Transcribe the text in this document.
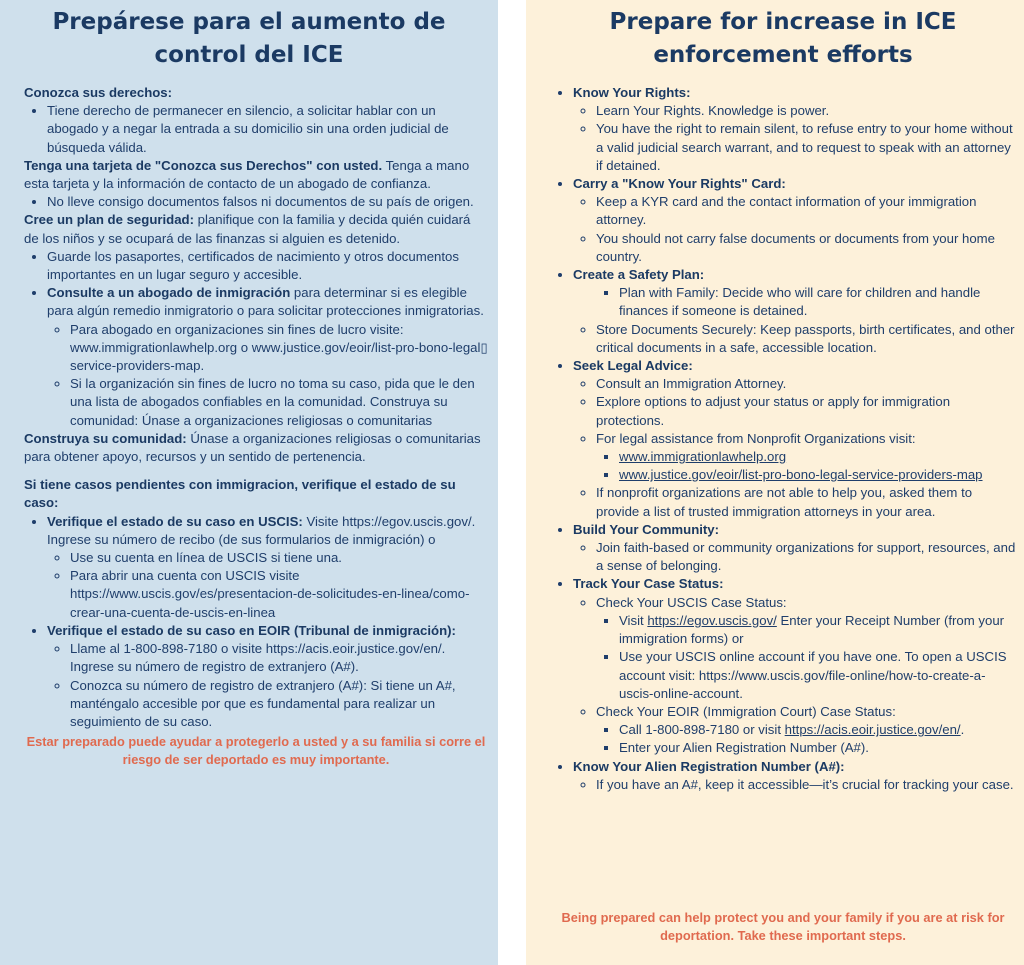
Prepárese para el aumento de
control del ICE

Conozca sus derechos:

• Tiene derecho de permanecer en silencio, a solicitar hablar con un abogado y a negar la entrada a su domicilio sin una orden judicial de búsqueda válida.

Tenga una tarjeta de "Conozca sus Derechos" con usted. Tenga a mano esta tarjeta y la información de contacto de un abogado de confianza.

• No lleve consigo documentos falsos ni documentos de su país de origen.

Cree un plan de seguridad: planifique con la familia y decida quién cuidará de los niños y se ocupará de las finanzas si alguien es detenido.

• Guarde los pasaportes, certificados de nacimiento y otros documentos importantes en un lugar seguro y accesible.
• Consulte a un abogado de inmigración para determinar si es elegible para algún remedio inmigratorio o para solicitar protecciones inmigratorias.
◦ Para abogado en organizaciones sin fines de lucro visite: www.immigrationlawhelp.org o www.justice.gov/eoir/list-pro-bono-legal▯ service-providers-map.
◦ Si la organización sin fines de lucro no toma su caso, pida que le den una lista de abogados confiables en la comunidad. Construya su comunidad: Únase a organizaciones religiosas o comunitarias

Construya su comunidad: Únase a organizaciones religiosas o comunitarias para obtener apoyo, recursos y un sentido de pertenencia.

Si tiene casos pendientes con immigracion, verifique el estado de su caso:

• Verifique el estado de su caso en USCIS: Visite https://egov.uscis.gov/. Ingrese su número de recibo (de sus formularios de inmigración) o
◦ Use su cuenta en línea de USCIS si tiene una.
◦ Para abrir una cuenta con USCIS visite https://www.uscis.gov/es/presentacion-de-solicitudes-en-linea/como-crear-una-cuenta-de-uscis-en-linea
• Verifique el estado de su caso en EOIR (Tribunal de inmigración):
◦ Llame al 1-800-898-7180 o visite https://acis.eoir.justice.gov/en/. Ingrese su número de registro de extranjero (A#).
◦ Conozca su número de registro de extranjero (A#): Si tiene un A#, manténgalo accesible por que es fundamental para realizar un seguimiento de su caso.

Estar preparado puede ayudar a protegerlo a usted y a su familia si corre el riesgo de ser deportado es muy importante.

Prepare for increase in ICE
enforcement efforts
• Know Your Rights:
◦ Learn Your Rights. Knowledge is power.
◦ You have the right to remain silent, to refuse entry to your home without a valid judicial search warrant, and to request to speak with an attorney if detained.
• Carry a "Know Your Rights" Card:
◦ Keep a KYR card and the contact information of your immigration attorney.
◦ You should not carry false documents or documents from your home country.
• Create a Safety Plan:
▪ Plan with Family: Decide who will care for children and handle finances if someone is detained.
◦ Store Documents Securely: Keep passports, birth certificates, and other critical documents in a safe, accessible location.
• Seek Legal Advice:
◦ Consult an Immigration Attorney.
◦ Explore options to adjust your status or apply for immigration protections.
◦ For legal assistance from Nonprofit Organizations visit:
▪ www.immigrationlawhelp.org
▪ www.justice.gov/eoir/list-pro-bono-legal-service-providers-map
◦ If nonprofit organizations are not able to help you, asked them to provide a list of trusted immigration attorneys in your area.
• Build Your Community:
◦ Join faith-based or community organizations for support, resources, and a sense of belonging.
• Track Your Case Status:
◦ Check Your USCIS Case Status:
▪ Visit https://egov.uscis.gov/ Enter your Receipt Number (from your immigration forms) or
▪ Use your USCIS online account if you have one. To open a USCIS account visit: https://www.uscis.gov/file-online/how-to-create-a-uscis-online-account.
◦ Check Your EOIR (Immigration Court) Case Status:
▪ Call 1-800-898-7180 or visit https://acis.eoir.justice.gov/en/.
▪ Enter your Alien Registration Number (A#).
• Know Your Alien Registration Number (A#):
◦ If you have an A#, keep it accessible—it’s crucial for tracking your case.

Being prepared can help protect you and your family if you are at risk for deportation. Take these important steps.
